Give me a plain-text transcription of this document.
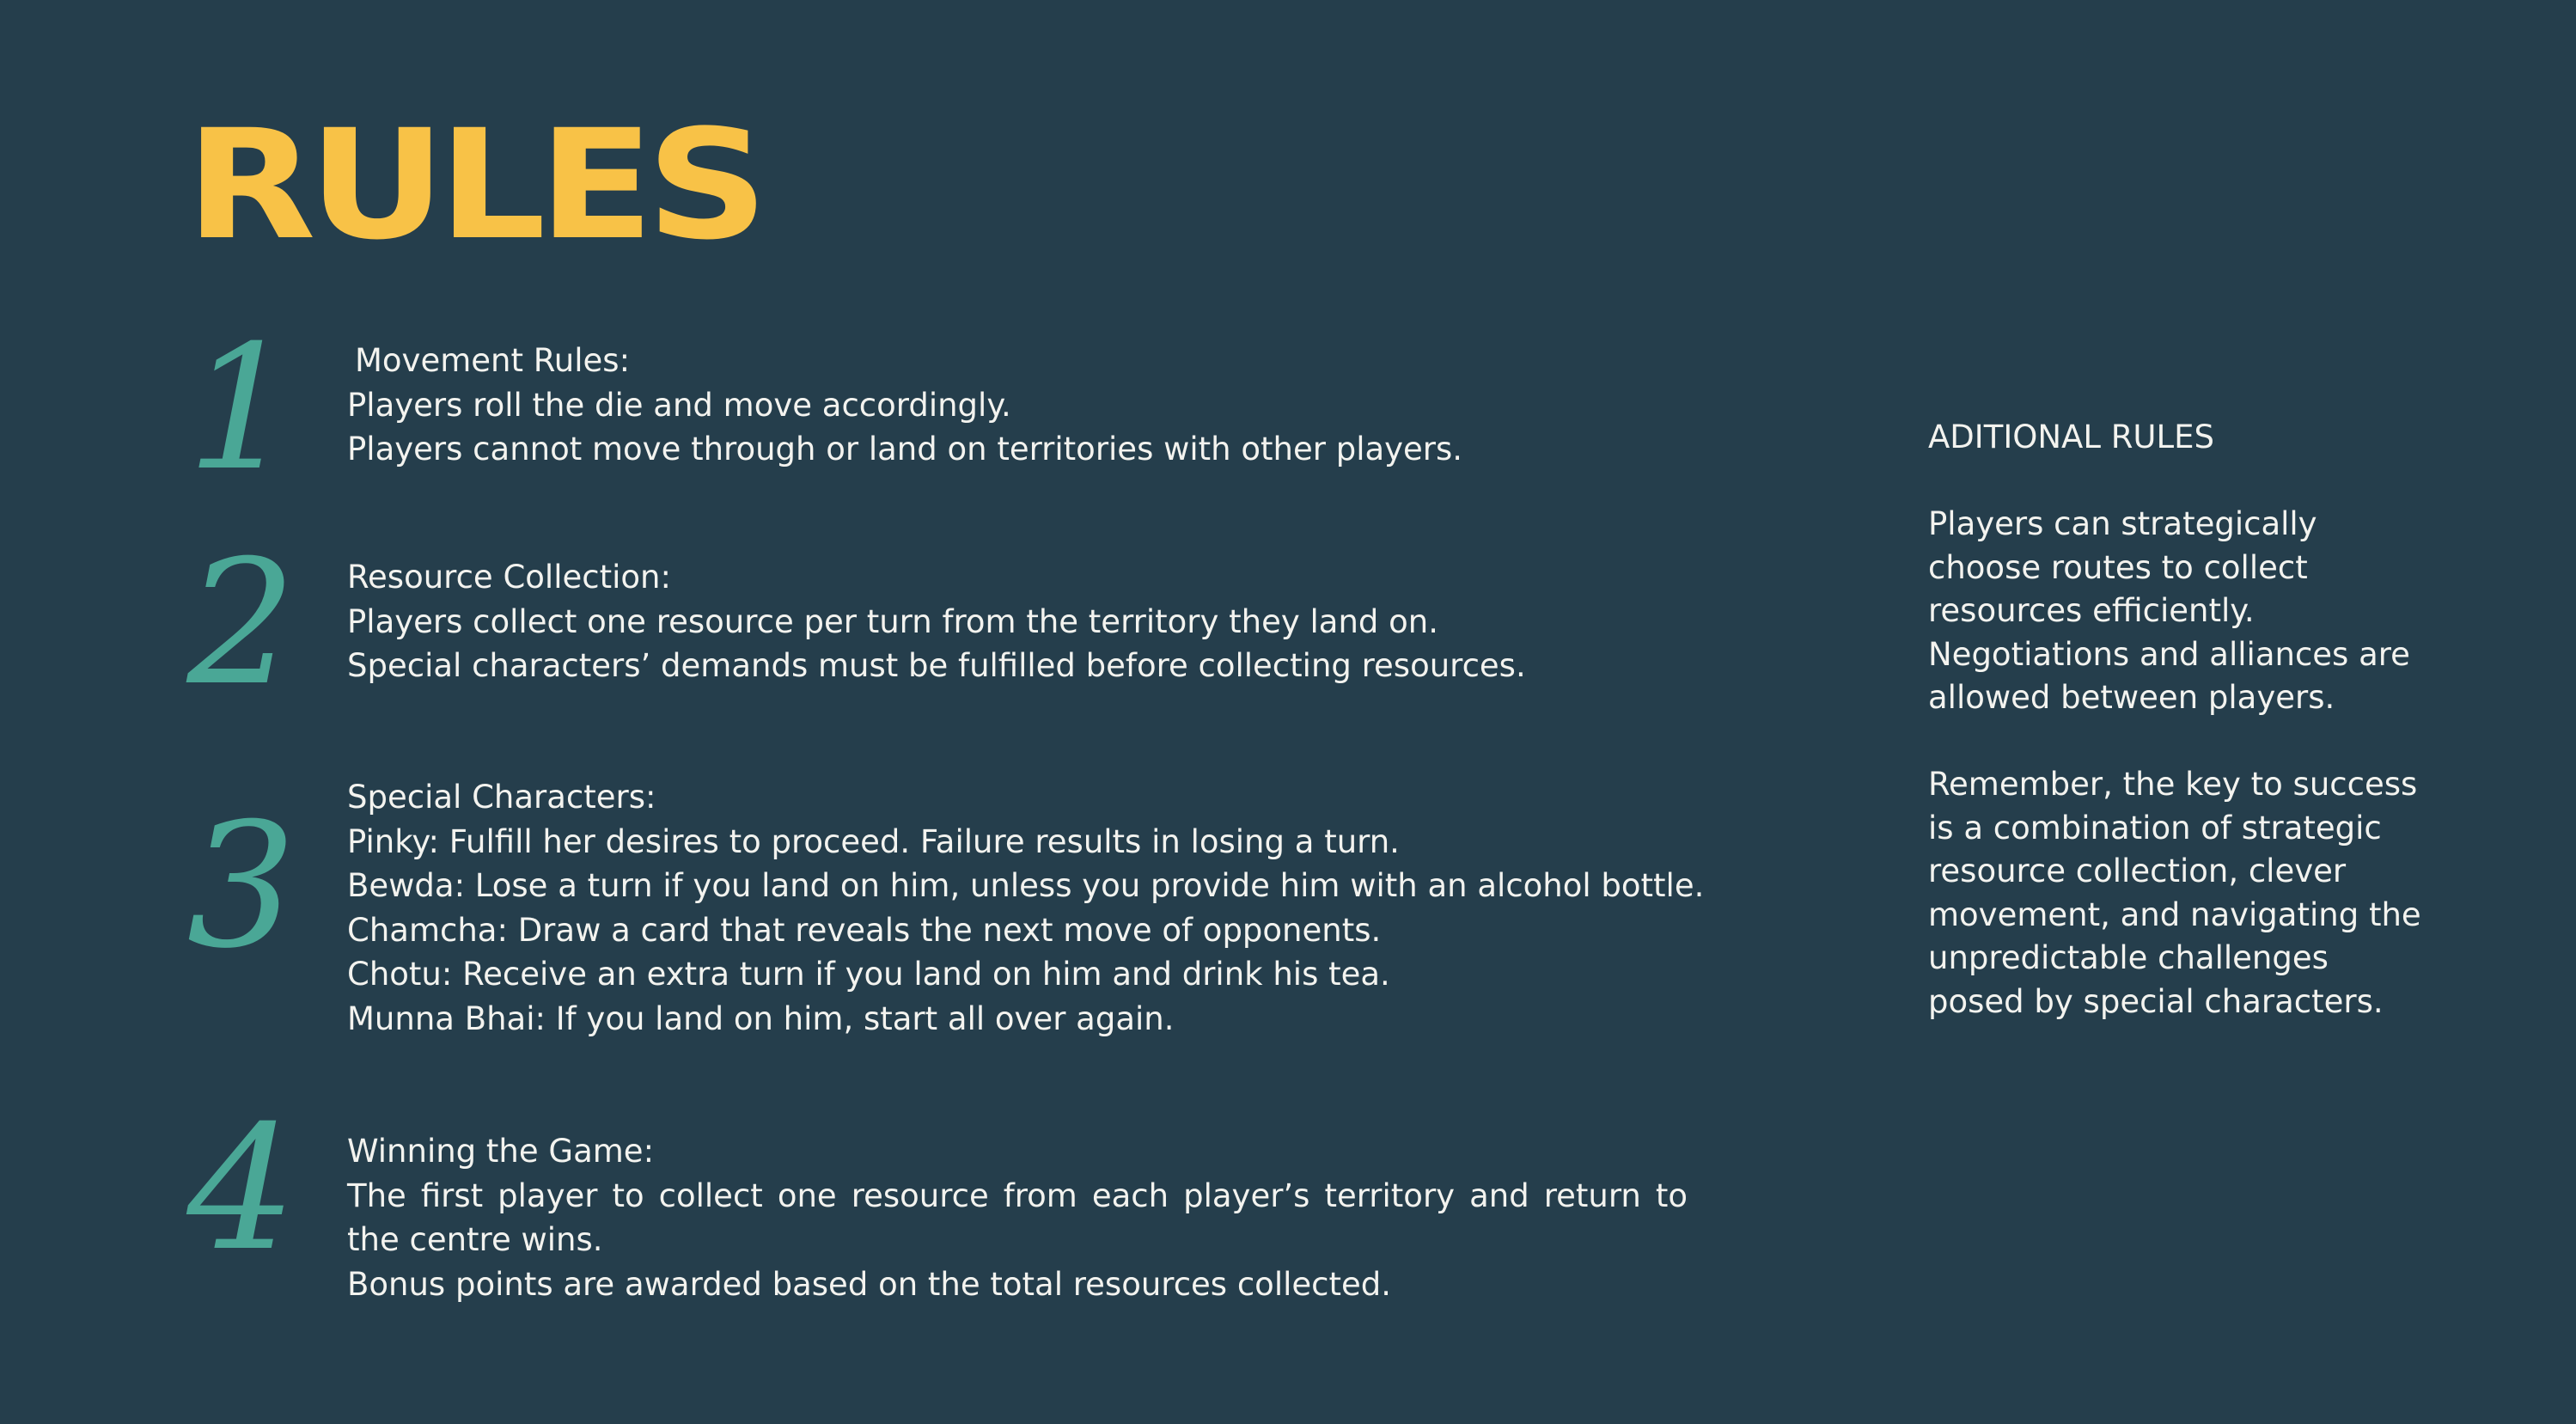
RULES
1 Movement Rules:
Players roll the die and move accordingly.
Players cannot move through or land on territories with other players.
2 Resource Collection:
Players collect one resource per turn from the territory they land on.
Special characters’ demands must be fulfilled before collecting resources.
3 Special Characters:
Pinky: Fulfill her desires to proceed. Failure results in losing a turn.
Bewda: Lose a turn if you land on him, unless you provide him with an alcohol bottle.
Chamcha: Draw a card that reveals the next move of opponents.
Chotu: Receive an extra turn if you land on him and drink his tea.
Munna Bhai: If you land on him, start all over again.
4 Winning the Game:
The first player to collect one resource from each player’s territory and return to the centre wins.
Bonus points are awarded based on the total resources collected.

ADITIONAL RULES

Players can strategically choose routes to collect resources efficiently.

Negotiations and alliances are allowed between players.

Remember, the key to success is a combination of strategic resource collection, clever movement, and navigating the unpredictable challenges posed by special characters.
